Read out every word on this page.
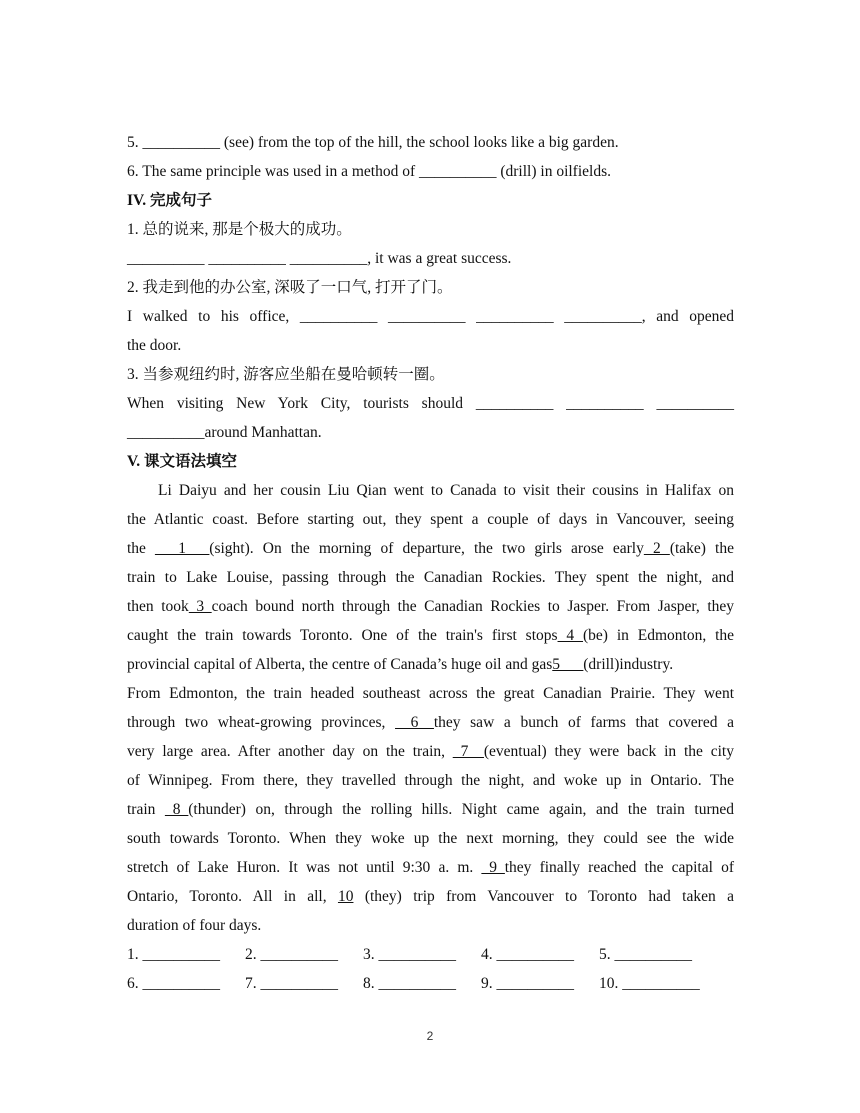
5. __________ (see) from the top of the hill, the school looks like a big garden.
6. The same principle was used in a method of __________ (drill) in oilfields.
IV. 完成句子
1. 总的说来, 那是个极大的成功。
__________ __________ __________, it was a great success.
2. 我走到他的办公室, 深吸了一口气, 打开了门。
I walked to his office, __________ __________ __________ __________, and opened
the door.
3. 当参观纽约时, 游客应坐船在曼哈顿转一圈。
When visiting New York City, tourists should __________ __________ __________
__________around Manhattan.
V. 课文语法填空
Li Daiyu and her cousin Liu Qian went to Canada to visit their cousins in Halifax on
the Atlantic coast. Before starting out, they spent a couple of days in Vancouver, seeing
the ___1___(sight). On the morning of departure, the two girls arose early 2 (take) the
train to Lake Louise, passing through the Canadian Rockies. They spent the night, and
then took 3 coach bound north through the Canadian Rockies to Jasper. From Jasper, they
caught the train towards Toronto. One of the train's first stops 4 (be) in Edmonton, the
provincial capital of Alberta, the centre of Canada’s huge oil and gas5___(drill)industry.
From Edmonton, the train headed southeast across the great Canadian Prairie. They went
through two wheat-growing provinces, __6__they saw a bunch of farms that covered a
very large area. After another day on the train, _7__(eventual) they were back in the city
of Winnipeg. From there, they travelled through the night, and woke up in Ontario. The
train _8_(thunder) on, through the rolling hills. Night came again, and the train turned
south towards Toronto. When they woke up the next morning, they could see the wide
stretch of Lake Huron. It was not until 9:30 a. m. _9_they finally reached the capital of
Ontario, Toronto. All in all, 10 (they) trip from Vancouver to Toronto had taken a
duration of four days.
1. __________	2. __________	3. __________	4. __________	5. __________
6. __________	7. __________	8. __________	9. __________	10. __________
2
